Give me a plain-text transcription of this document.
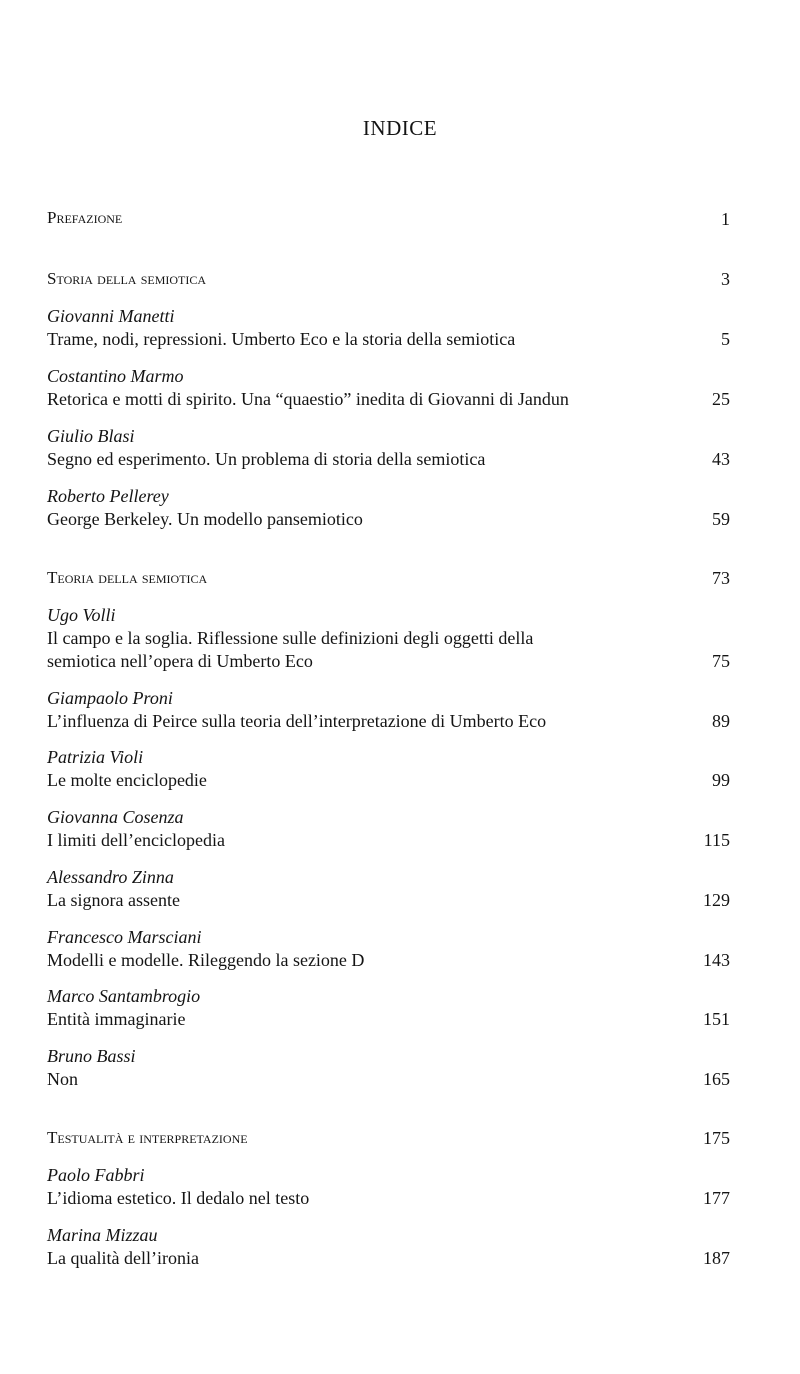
INDICE
Prefazione	1
Storia della semiotica	3
Giovanni Manetti
Trame, nodi, repressioni. Umberto Eco e la storia della semiotica	5
Costantino Marmo
Retorica e motti di spirito. Una “quaestio” inedita di Giovanni di Jandun	25
Giulio Blasi
Segno ed esperimento. Un problema di storia della semiotica	43
Roberto Pellerey
George Berkeley. Un modello pansemiotico	59
Teoria della semiotica	73
Ugo Volli
Il campo e la soglia. Riflessione sulle definizioni degli oggetti della
semiotica nell’opera di Umberto Eco	75
Giampaolo Proni
L’influenza di Peirce sulla teoria dell’interpretazione di Umberto Eco	89
Patrizia Violi
Le molte enciclopedie	99
Giovanna Cosenza
I limiti dell’enciclopedia	115
Alessandro Zinna
La signora assente	129
Francesco Marsciani
Modelli e modelle. Rileggendo la sezione D	143
Marco Santambrogio
Entità immaginarie	151
Bruno Bassi
Non	165
Testualità e interpretazione	175
Paolo Fabbri
L’idioma estetico. Il dedalo nel testo	177
Marina Mizzau
La qualità dell’ironia	187
